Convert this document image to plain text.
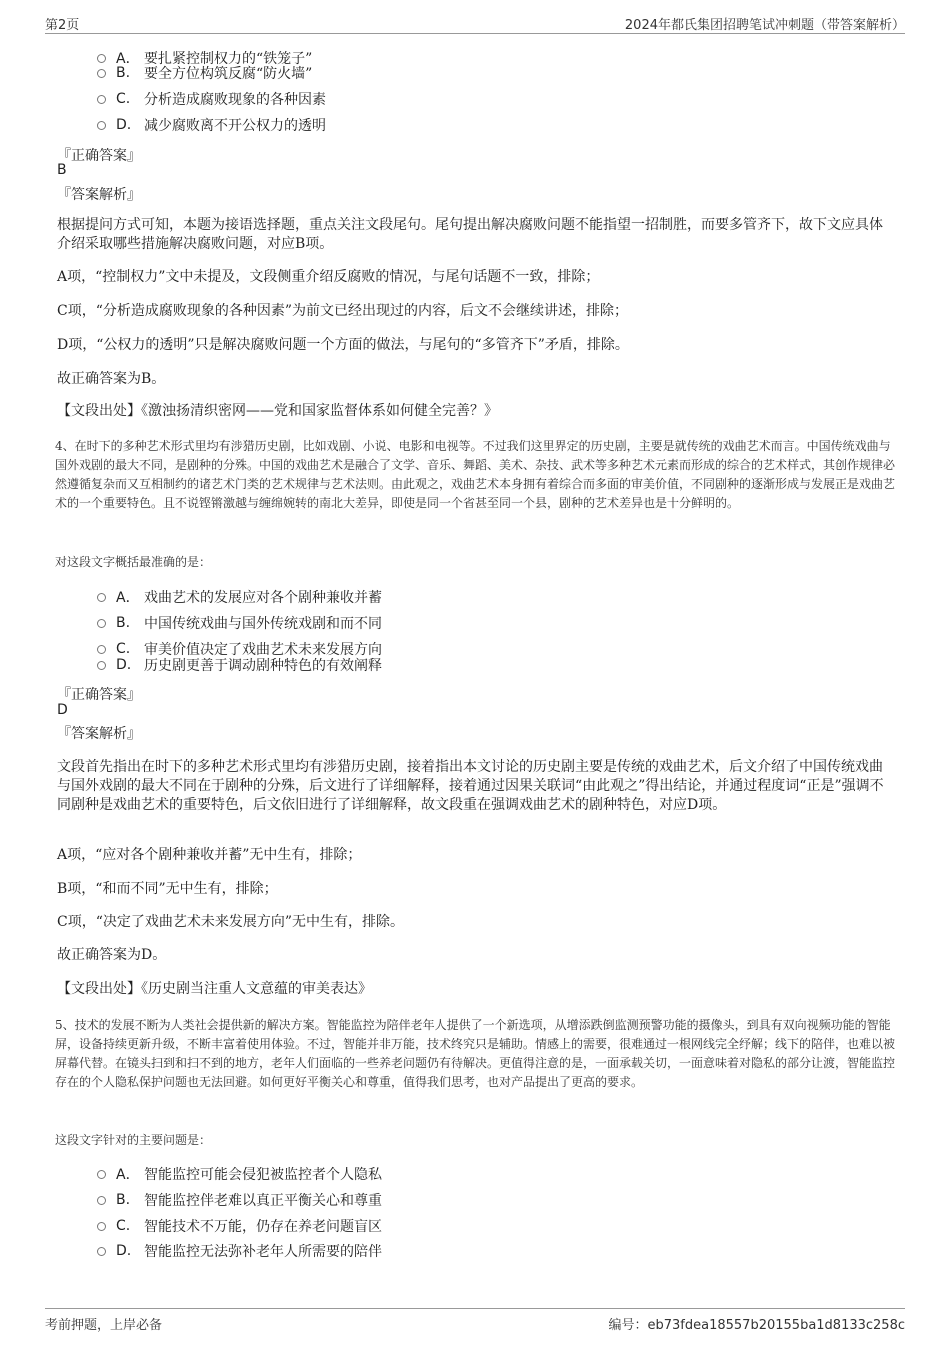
第2页	2024年都氏集团招聘笔试冲刺题（带答案解析）
A． 要扎紧控制权力的“铁笼子”
B. 要全方位构筑反腐“防火墙”
C. 分析造成腐败现象的各种因素
D. 减少腐败离不开公权力的透明
『正确答案』
B
『答案解析』
根据提问方式可知，本题为接语选择题，重点关注文段尾句。尾句提出解决腐败问题不能指望一招制胜，而要多管齐下，故下文应具体介绍采取哪些措施解决腐败问题，对应B项。
A项，“控制权力”文中未提及，文段侧重介绍反腐败的情况，与尾句话题不一致，排除；
C项，“分析造成腐败现象的各种因素”为前文已经出现过的内容，后文不会继续讲述，排除；
D项，“公权力的透明”只是解决腐败问题一个方面的做法，与尾句的“多管齐下”矛盾，排除。
故正确答案为B。
【文段出处】《激浊扬清织密网——党和国家监督体系如何健全完善？》
4、在时下的多种艺术形式里均有涉猎历史剧，比如戏剧、小说、电影和电视等。不过我们这里界定的历史剧，主要是就传统的戏曲艺术而言。中国传统戏曲与国外戏剧的最大不同，是剧种的分殊。中国的戏曲艺术是融合了文学、音乐、舞蹈、美术、杂技、武术等多种艺术元素而形成的综合的艺术样式，其创作规律必然遵循复杂而又互相制约的诸艺术门类的艺术规律与艺术法则。由此观之，戏曲艺术本身拥有着综合而多面的审美价值，不同剧种的逐渐形成与发展正是戏曲艺术的一个重要特色。且不说铿锵激越与缠绵婉转的南北大差异，即使是同一个省甚至同一个县，剧种的艺术差异也是十分鲜明的。
对这段文字概括最准确的是：
A． 戏曲艺术的发展应对各个剧种兼收并蓄
B. 中国传统戏曲与国外传统戏剧和而不同
C. 审美价值决定了戏曲艺术未来发展方向
D. 历史剧更善于调动剧种特色的有效阐释
『正确答案』
D
『答案解析』
文段首先指出在时下的多种艺术形式里均有涉猎历史剧，接着指出本文讨论的历史剧主要是传统的戏曲艺术，后文介绍了中国传统戏曲与国外戏剧的最大不同在于剧种的分殊，后文进行了详细解释，接着通过因果关联词“由此观之”得出结论，并通过程度词“正是”强调不同剧种是戏曲艺术的重要特色，后文依旧进行了详细解释，故文段重在强调戏曲艺术的剧种特色，对应D项。
A项，“应对各个剧种兼收并蓄”无中生有，排除；
B项，“和而不同”无中生有，排除；
C项，“决定了戏曲艺术未来发展方向”无中生有，排除。
故正确答案为D。
【文段出处】《历史剧当注重人文意蕴的审美表达》
5、技术的发展不断为人类社会提供新的解决方案。智能监控为陪伴老年人提供了一个新选项，从增添跌倒监测预警功能的摄像头，到具有双向视频功能的智能屏，设备持续更新升级，不断丰富着使用体验。不过，智能并非万能，技术终究只是辅助。情感上的需要，很难通过一根网线完全纾解；线下的陪伴，也难以被屏幕代替。在镜头扫到和扫不到的地方，老年人们面临的一些养老问题仍有待解决。更值得注意的是，一面承载关切，一面意味着对隐私的部分让渡，智能监控存在的个人隐私保护问题也无法回避。如何更好平衡关心和尊重，值得我们思考，也对产品提出了更高的要求。
这段文字针对的主要问题是：
A． 智能监控可能会侵犯被监控者个人隐私
B. 智能监控伴老难以真正平衡关心和尊重
C. 智能技术不万能，仍存在养老问题盲区
D. 智能监控无法弥补老年人所需要的陪伴
考前押题，上岸必备	编号：eb73fdea18557b20155ba1d8133c258c
